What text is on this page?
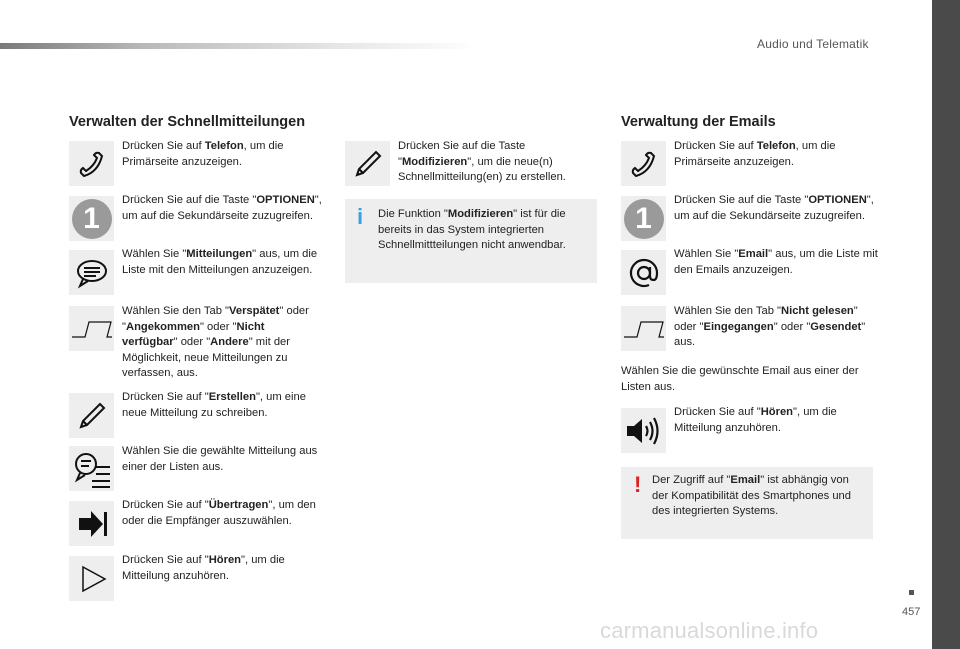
Audio und Telematik
457
carmanualsonline.info
Verwalten der Schnellmitteilungen
Drücken Sie auf Telefon, um die Primärseite anzuzeigen.
1
Drücken Sie auf die Taste "OPTIONEN", um auf die Sekundärseite zuzugreifen.
Wählen Sie "Mitteilungen" aus, um die Liste mit den Mitteilungen anzuzeigen.
Wählen Sie den Tab "Verspätet" oder "Angekommen" oder "Nicht verfügbar" oder "Andere" mit der Möglichkeit, neue Mitteilungen zu verfassen, aus.
Drücken Sie auf "Erstellen", um eine neue Mitteilung zu schreiben.
Wählen Sie die gewählte Mitteilung aus einer der Listen aus.
Drücken Sie auf "Übertragen", um den oder die Empfänger auszuwählen.
Drücken Sie auf "Hören", um die Mitteilung anzuhören.
Drücken Sie auf die Taste "Modifizieren", um die neue(n) Schnellmitteilung(en) zu erstellen.
i Die Funktion "Modifizieren" ist für die bereits in das System integrierten Schnellmittteilungen nicht anwendbar.
Verwaltung der Emails
Drücken Sie auf Telefon, um die Primärseite anzuzeigen.
1
Drücken Sie auf die Taste "OPTIONEN", um auf die Sekundärseite zuzugreifen.
Wählen Sie "Email" aus, um die Liste mit den Emails anzuzeigen.
Wählen Sie den Tab "Nicht gelesen" oder "Eingegangen" oder "Gesendet" aus.
Wählen Sie die gewünschte Email aus einer der Listen aus.
Drücken Sie auf "Hören", um die Mitteilung anzuhören.
! Der Zugriff auf "Email" ist abhängig von der Kompatibilität des Smartphones und des integrierten Systems.
